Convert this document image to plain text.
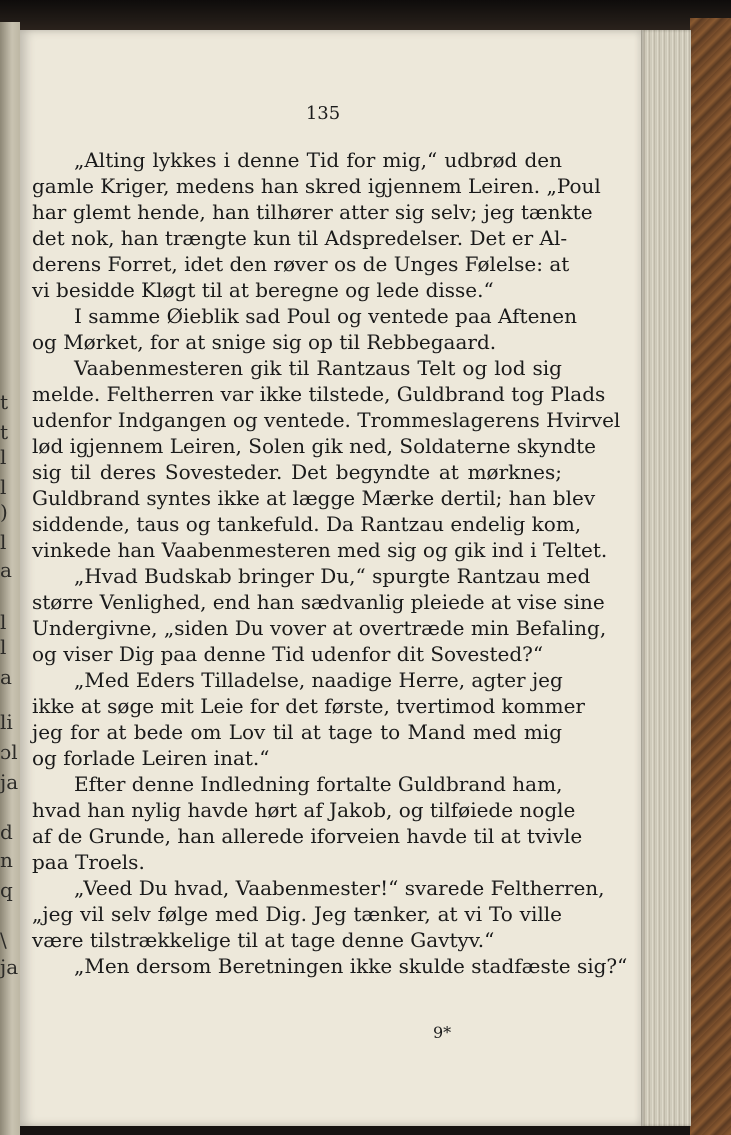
t
t
l
l
)
l
a
l
l
a
li
ɔl
ja
d
n
q
\
ja
135
„Alting lykkes i denne Tid for mig,“ udbrød den
gamle Kriger, medens han skred igjennem Leiren. „Poul
har glemt hende, han tilhører atter sig selv; jeg tænkte
det nok, han trængte kun til Adspredelser. Det er Al-
derens Forret, idet den røver os de Unges Følelse: at
vi besidde Kløgt til at beregne og lede disse.“
I samme Øieblik sad Poul og ventede paa Aftenen
og Mørket, for at snige sig op til Rebbegaard.
Vaabenmesteren gik til Rantzaus Telt og lod sig
melde. Feltherren var ikke tilstede, Guldbrand tog Plads
udenfor Indgangen og ventede. Trommeslagerens Hvirvel
lød igjennem Leiren, Solen gik ned, Soldaterne skyndte
sig til deres Sovesteder. Det begyndte at mørknes;
Guldbrand syntes ikke at lægge Mærke dertil; han blev
siddende, taus og tankefuld. Da Rantzau endelig kom,
vinkede han Vaabenmesteren med sig og gik ind i Teltet.
„Hvad Budskab bringer Du,“ spurgte Rantzau med
større Venlighed, end han sædvanlig pleiede at vise sine
Undergivne, „siden Du vover at overtræde min Befaling,
og viser Dig paa denne Tid udenfor dit Sovested?“
„Med Eders Tilladelse, naadige Herre, agter jeg
ikke at søge mit Leie for det første, tvertimod kommer
jeg for at bede om Lov til at tage to Mand med mig
og forlade Leiren inat.“
Efter denne Indledning fortalte Guldbrand ham,
hvad han nylig havde hørt af Jakob, og tilføiede nogle
af de Grunde, han allerede iforveien havde til at tvivle
paa Troels.
„Veed Du hvad, Vaabenmester!“ svarede Feltherren,
„jeg vil selv følge med Dig. Jeg tænker, at vi To ville
være tilstrækkelige til at tage denne Gavtyv.“
„Men dersom Beretningen ikke skulde stadfæste sig?“
9*
